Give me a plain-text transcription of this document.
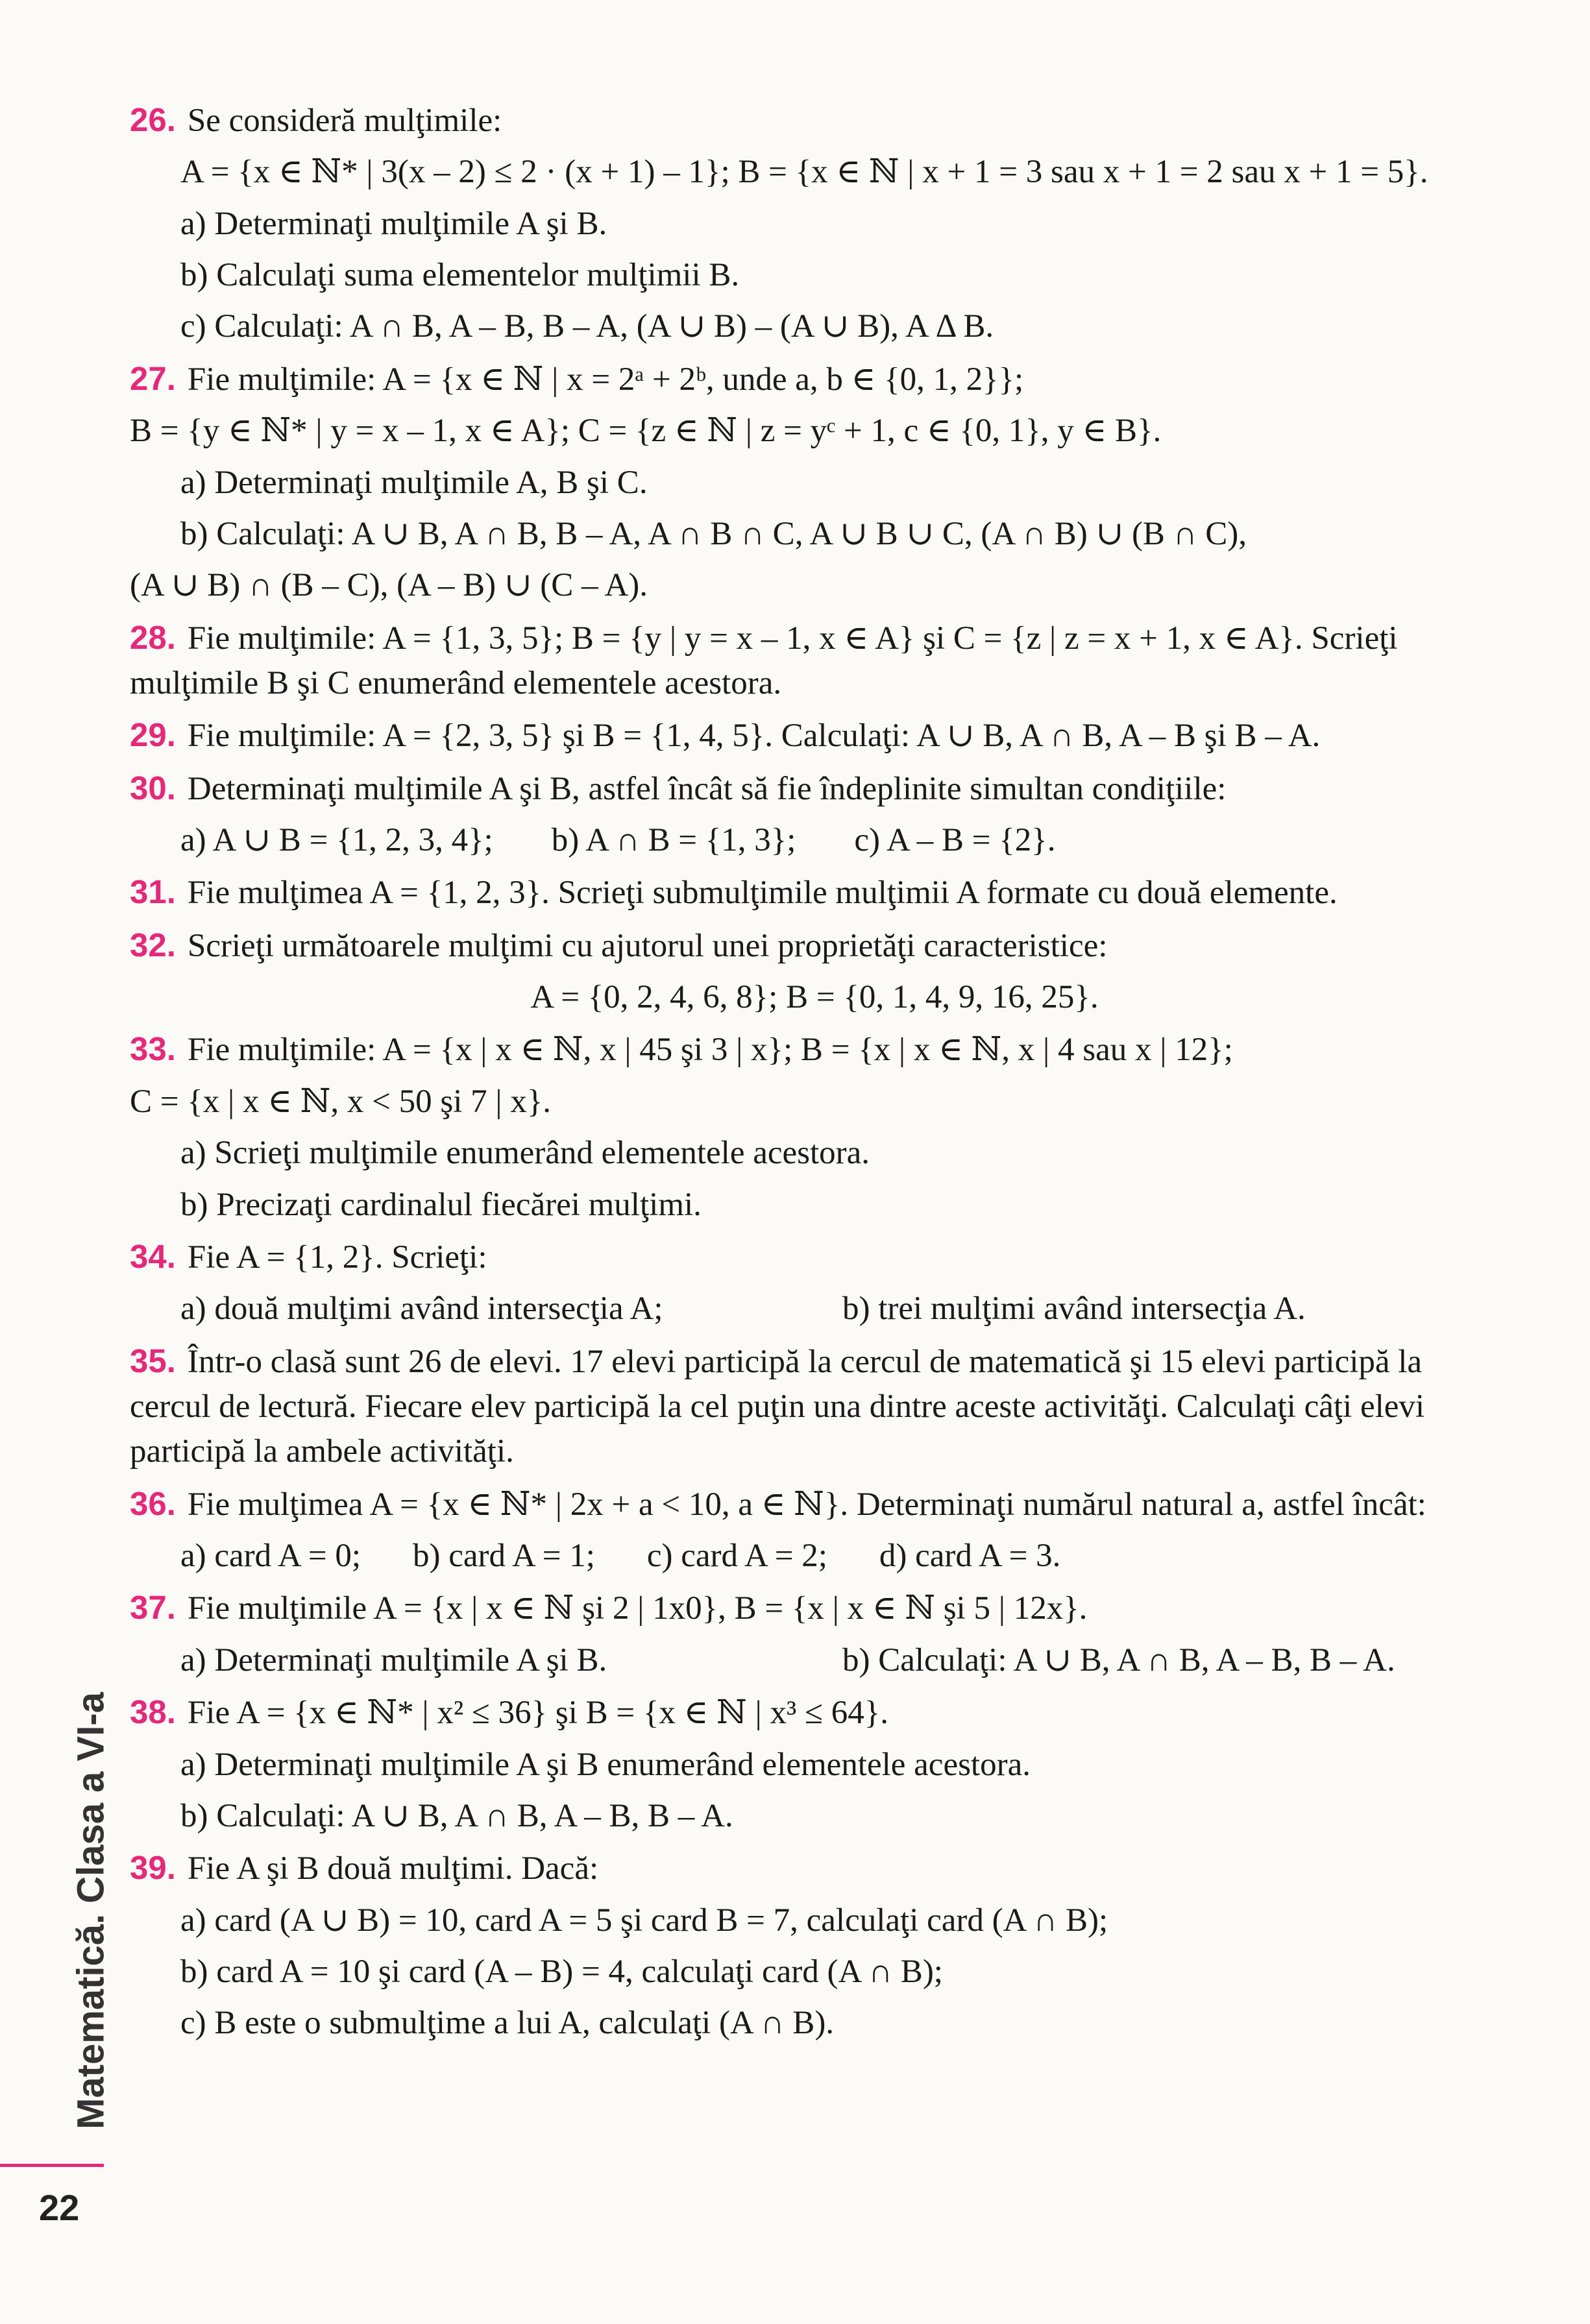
26. Se consideră mulţimile:

A = {x ∈ ℕ* | 3(x – 2) ≤ 2 · (x + 1) – 1}; B = {x ∈ ℕ | x + 1 = 3 sau x + 1 = 2 sau x + 1 = 5}.

a) Determinaţi mulţimile A şi B.

b) Calculaţi suma elementelor mulţimii B.

c) Calculaţi: A ∩ B, A – B, B – A, (A ∪ B) – (A ∪ B), A Δ B.

27. Fie mulţimile: A = {x ∈ ℕ | x = 2ᵃ + 2ᵇ, unde a, b ∈ {0, 1, 2}};

B = {y ∈ ℕ* | y = x – 1, x ∈ A}; C = {z ∈ ℕ | z = yᶜ + 1, c ∈ {0, 1}, y ∈ B}.

a) Determinaţi mulţimile A, B şi C.

b) Calculaţi: A ∪ B, A ∩ B, B – A, A ∩ B ∩ C, A ∪ B ∪ C, (A ∩ B) ∪ (B ∩ C),

(A ∪ B) ∩ (B – C), (A – B) ∪ (C – A).

28. Fie mulţimile: A = {1, 3, 5}; B = {y | y = x – 1, x ∈ A} şi C = {z | z = x + 1, x ∈ A}. Scrieţi mulţimile B şi C enumerând elementele acestora.

29. Fie mulţimile: A = {2, 3, 5} şi B = {1, 4, 5}. Calculaţi: A ∪ B, A ∩ B, A – B şi B – A.

30. Determinaţi mulţimile A şi B, astfel încât să fie îndeplinite simultan condiţiile:

a) A ∪ B = {1, 2, 3, 4}; b) A ∩ B = {1, 3}; c) A – B = {2}.

31. Fie mulţimea A = {1, 2, 3}. Scrieţi submulţimile mulţimii A formate cu două elemente.

32. Scrieţi următoarele mulţimi cu ajutorul unei proprietăţi caracteristice:

A = {0, 2, 4, 6, 8}; B = {0, 1, 4, 9, 16, 25}.

33. Fie mulţimile: A = {x | x ∈ ℕ, x | 45 şi 3 | x}; B = {x | x ∈ ℕ, x | 4 sau x | 12};

C = {x | x ∈ ℕ, x < 50 şi 7 | x}.

a) Scrieţi mulţimile enumerând elementele acestora.

b) Precizaţi cardinalul fiecărei mulţimi.

34. Fie A = {1, 2}. Scrieţi:

a) două mulţimi având intersecţia A;	b) trei mulţimi având intersecţia A.

35. Într-o clasă sunt 26 de elevi. 17 elevi participă la cercul de matematică şi 15 elevi participă la cercul de lectură. Fiecare elev participă la cel puţin una dintre aceste activităţi. Calculaţi câţi elevi participă la ambele activităţi.

36. Fie mulţimea A = {x ∈ ℕ* | 2x + a < 10, a ∈ ℕ}. Determinaţi numărul natural a, astfel încât:

a) card A = 0; b) card A = 1; c) card A = 2; d) card A = 3.

37. Fie mulţimile A = {x | x ∈ ℕ şi 2 | 1x0}, B = {x | x ∈ ℕ şi 5 | 12x}.

a) Determinaţi mulţimile A şi B.	b) Calculaţi: A ∪ B, A ∩ B, A – B, B – A.

38. Fie A = {x ∈ ℕ* | x² ≤ 36} şi B = {x ∈ ℕ | x³ ≤ 64}.

a) Determinaţi mulţimile A şi B enumerând elementele acestora.

b) Calculaţi: A ∪ B, A ∩ B, A – B, B – A.

39. Fie A şi B două mulţimi. Dacă:

a) card (A ∪ B) = 10, card A = 5 şi card B = 7, calculaţi card (A ∩ B);

b) card A = 10 şi card (A – B) = 4, calculaţi card (A ∩ B);

c) B este o submulţime a lui A, calculaţi (A ∩ B).

Matematică. Clasa a VI-a
22
